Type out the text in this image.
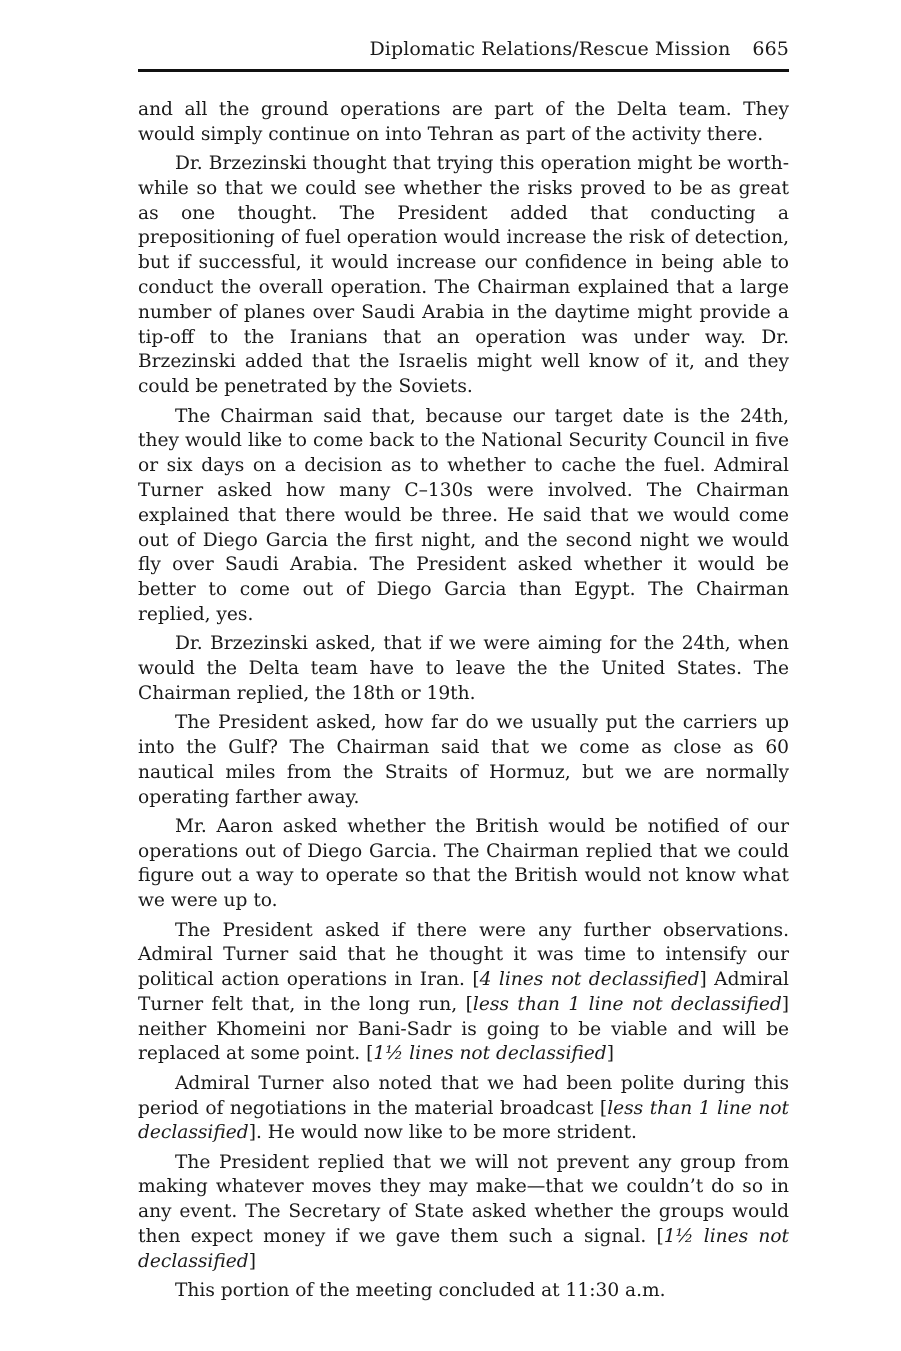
Diplomatic Relations/Rescue Mission 665

and all the ground operations are part of the Delta team. They would simply continue on into Tehran as part of the activity there.

Dr. Brzezinski thought that trying this operation might be worthwhile so that we could see whether the risks proved to be as great as one thought. The President added that conducting a prepositioning of fuel operation would increase the risk of detection, but if successful, it would increase our confidence in being able to conduct the overall operation. The Chairman explained that a large number of planes over Saudi Arabia in the daytime might provide a tip-off to the Iranians that an operation was under way. Dr. Brzezinski added that the Israelis might well know of it, and they could be penetrated by the Soviets.

The Chairman said that, because our target date is the 24th, they would like to come back to the National Security Council in five or six days on a decision as to whether to cache the fuel. Admiral Turner asked how many C–130s were involved. The Chairman explained that there would be three. He said that we would come out of Diego Garcia the first night, and the second night we would fly over Saudi Arabia. The President asked whether it would be better to come out of Diego Garcia than Egypt. The Chairman replied, yes.

Dr. Brzezinski asked, that if we were aiming for the 24th, when would the Delta team have to leave the the United States. The Chairman replied, the 18th or 19th.

The President asked, how far do we usually put the carriers up into the Gulf? The Chairman said that we come as close as 60 nautical miles from the Straits of Hormuz, but we are normally operating farther away.

Mr. Aaron asked whether the British would be notified of our operations out of Diego Garcia. The Chairman replied that we could figure out a way to operate so that the British would not know what we were up to.

The President asked if there were any further observations. Admiral Turner said that he thought it was time to intensify our political action operations in Iran. [4 lines not declassified] Admiral Turner felt that, in the long run, [less than 1 line not declassified] neither Khomeini nor Bani-Sadr is going to be viable and will be replaced at some point. [1½ lines not declassified]

Admiral Turner also noted that we had been polite during this period of negotiations in the material broadcast [less than 1 line not declassified]. He would now like to be more strident.

The President replied that we will not prevent any group from making whatever moves they may make—that we couldn’t do so in any event. The Secretary of State asked whether the groups would then expect money if we gave them such a signal. [1½ lines not declassified]

This portion of the meeting concluded at 11:30 a.m.
